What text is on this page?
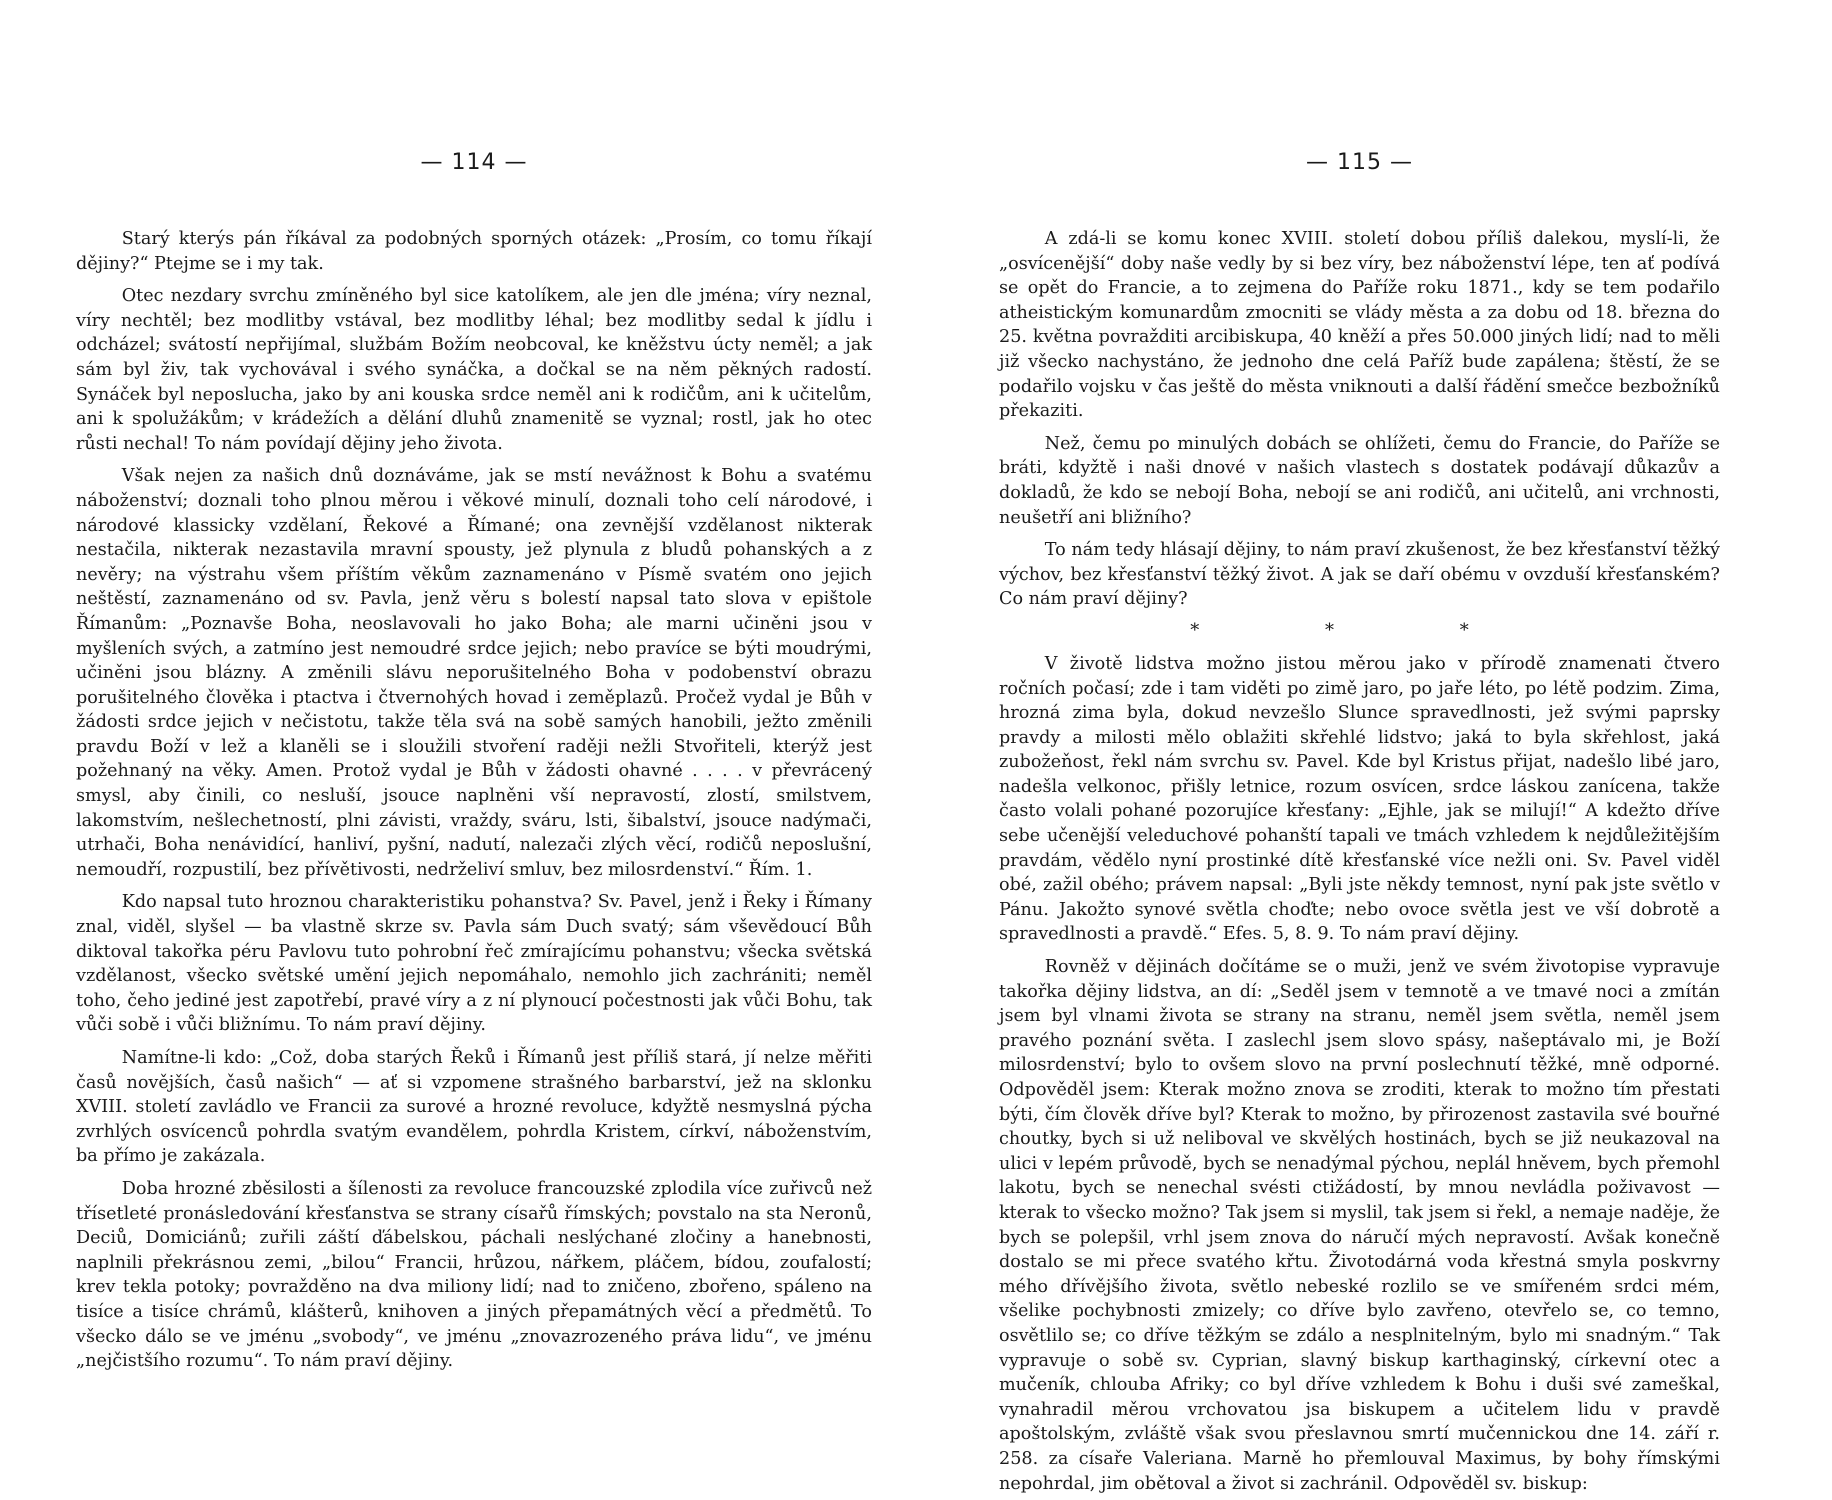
— 114 —

Starý kterýs pán říkával za podobných sporných otázek: „Prosím, co tomu říkají dějiny?“ Ptejme se i my tak.

Otec nezdary svrchu zmíněného byl sice katolíkem, ale jen dle jména; víry neznal, víry nechtěl; bez modlitby vstával, bez modlitby léhal; bez modlitby sedal k jídlu i odcházel; svátostí nepřijímal, službám Božím neobcoval, ke kněžstvu úcty neměl; a jak sám byl živ, tak vychovával i svého synáčka, a dočkal se na něm pěkných radostí. Synáček byl neposlucha, jako by ani kouska srdce neměl ani k rodičům, ani k učitelům, ani k spolužákům; v krádežích a dělání dluhů znamenitě se vyznal; rostl, jak ho otec růsti nechal! To nám povídají dějiny jeho života.

Však nejen za našich dnů doznáváme, jak se mstí nevážnost k Bohu a svatému náboženství; doznali toho plnou měrou i věkové minulí, doznali toho celí národové, i národové klassicky vzdělaní, Řekové a Římané; ona zevnější vzdělanost nikterak nestačila, nikterak nezastavila mravní spousty, jež plynula z bludů pohanských a z nevěry; na výstrahu všem příštím věkům zaznamenáno v Písmě svatém ono jejich neštěstí, zaznamenáno od sv. Pavla, jenž věru s bolestí napsal tato slova v epištole Římanům: „Poznavše Boha, neoslavovali ho jako Boha; ale marni učiněni jsou v myšleních svých, a zatmíno jest nemoudré srdce jejich; nebo pravíce se býti moudrými, učiněni jsou blázny. A změnili slávu neporušitelného Boha v podobenství obrazu porušitelného člověka i ptactva i čtvernohých hovad i zeměplazů. Pročež vydal je Bůh v žádosti srdce jejich v nečistotu, takže těla svá na sobě samých hanobili, ježto změnili pravdu Boží v lež a klaněli se i sloužili stvoření raději nežli Stvořiteli, kterýž jest požehnaný na věky. Amen. Protož vydal je Bůh v žádosti ohavné . . . . v převrácený smysl, aby činili, co nesluší, jsouce naplněni vší nepravostí, zlostí, smilstvem, lakomstvím, nešlechetností, plni závisti, vraždy, sváru, lsti, šibalství, jsouce nadýmači, utrhači, Boha nenávidící, hanliví, pyšní, nadutí, nalezači zlých věcí, rodičů neposlušní, nemoudří, rozpustilí, bez přívětivosti, nedrželiví smluv, bez milosrdenství.“ Řím. 1.

Kdo napsal tuto hroznou charakteristiku pohanstva? Sv. Pavel, jenž i Řeky i Římany znal, viděl, slyšel — ba vlastně skrze sv. Pavla sám Duch svatý; sám vševědoucí Bůh diktoval takořka péru Pavlovu tuto pohrobní řeč zmírajícímu pohanstvu; všecka světská vzdělanost, všecko světské umění jejich nepomáhalo, nemohlo jich zachrániti; neměl toho, čeho jediné jest zapotřebí, pravé víry a z ní plynoucí počestnosti jak vůči Bohu, tak vůči sobě i vůči bližnímu. To nám praví dějiny.

Namítne-li kdo: „Což, doba starých Řeků i Římanů jest příliš stará, jí nelze měřiti časů novějších, časů našich“ — ať si vzpomene strašného barbarství, jež na sklonku XVIII. století zavládlo ve Francii za surové a hrozné revoluce, kdyžtě nesmyslná pýcha zvrhlých osvícenců pohrdla svatým evandělem, pohrdla Kristem, církví, náboženstvím, ba přímo je zakázala.

Doba hrozné zběsilosti a šílenosti za revoluce francouzské zplodila více zuřivců než třísetleté pronásledování křesťanstva se strany císařů římských; povstalo na sta Neronů, Deciů, Domiciánů; zuřili záští ďábelskou, páchali neslýchané zločiny a hanebnosti, naplnili překrásnou zemi, „bilou“ Francii, hrůzou, nářkem, pláčem, bídou, zoufalostí; krev tekla potoky; povražděno na dva miliony lidí; nad to zničeno, zbořeno, spáleno na tisíce a tisíce chrámů, klášterů, knihoven a jiných přepamátných věcí a předmětů. To všecko dálo se ve jménu „svobody“, ve jménu „znovazrozeného práva lidu“, ve jménu „nejčistšího rozumu“. To nám praví dějiny.

— 115 —

A zdá-li se komu konec XVIII. století dobou příliš dalekou, myslí-li, že „osvícenější“ doby naše vedly by si bez víry, bez náboženství lépe, ten ať podívá se opět do Francie, a to zejmena do Paříže roku 1871., kdy se tem podařilo atheistickým komunardům zmocniti se vlády města a za dobu od 18. března do 25. května povražditi arcibiskupa, 40 kněží a přes 50.000 jiných lidí; nad to měli již všecko nachystáno, že jednoho dne celá Paříž bude zapálena; štěstí, že se podařilo vojsku v čas ještě do města vniknouti a další řádění smečce bezbožníků překaziti.

Než, čemu po minulých dobách se ohlížeti, čemu do Francie, do Paříže se bráti, kdyžtě i naši dnové v našich vlastech s dostatek podávají důkazův a dokladů, že kdo se nebojí Boha, nebojí se ani rodičů, ani učitelů, ani vrchnosti, neušetří ani bližního?

To nám tedy hlásají dějiny, to nám praví zkušenost, že bez křesťanství těžký výchov, bez křesťanství těžký život. A jak se daří obému v ovzduší křesťanském? Co nám praví dějiny?

* * *

V životě lidstva možno jistou měrou jako v přírodě znamenati čtvero ročních počasí; zde i tam viděti po zimě jaro, po jaře léto, po létě podzim. Zima, hrozná zima byla, dokud nevzešlo Slunce spravedlnosti, jež svými paprsky pravdy a milosti mělo oblažiti skřehlé lidstvo; jaká to byla skřehlost, jaká zubožeňost, řekl nám svrchu sv. Pavel. Kde byl Kristus přijat, nadešlo libé jaro, nadešla velkonoc, přišly letnice, rozum osvícen, srdce láskou zanícena, takže často volali pohané pozorujíce křesťany: „Ejhle, jak se milují!“ A kdežto dříve sebe učenější veleduchové pohanští tapali ve tmách vzhledem k nejdůležitějším pravdám, vědělo nyní prostinké dítě křesťanské více nežli oni. Sv. Pavel viděl obé, zažil obého; právem napsal: „Byli jste někdy temnost, nyní pak jste světlo v Pánu. Jakožto synové světla choďte; nebo ovoce světla jest ve vší dobrotě a spravedlnosti a pravdě.“ Efes. 5, 8. 9. To nám praví dějiny.

Rovněž v dějinách dočítáme se o muži, jenž ve svém životopise vypravuje takořka dějiny lidstva, an dí: „Seděl jsem v temnotě a ve tmavé noci a zmítán jsem byl vlnami života se strany na stranu, neměl jsem světla, neměl jsem pravého poznání světa. I zaslechl jsem slovo spásy, našeptávalo mi, je Boží milosrdenství; bylo to ovšem slovo na první poslechnutí těžké, mně odporné. Odpověděl jsem: Kterak možno znova se zroditi, kterak to možno tím přestati býti, čím člověk dříve byl? Kterak to možno, by přirozenost zastavila své bouřné choutky, bych si už neliboval ve skvělých hostinách, bych se již neukazoval na ulici v lepém průvodě, bych se nenadýmal pýchou, neplál hněvem, bych přemohl lakotu, bych se nenechal svésti ctižádostí, by mnou nevládla poživavost — kterak to všecko možno? Tak jsem si myslil, tak jsem si řekl, a nemaje naděje, že bych se polepšil, vrhl jsem znova do náručí mých nepravostí. Avšak konečně dostalo se mi přece svatého křtu. Životodárná voda křestná smyla poskvrny mého dřívějšího života, světlo nebeské rozlilo se ve smířeném srdci mém, všelike pochybnosti zmizely; co dříve bylo zavřeno, otevřelo se, co temno, osvětlilo se; co dříve těžkým se zdálo a nesplnitelným, bylo mi snadným.“ Tak vypravuje o sobě sv. Cyprian, slavný biskup karthaginský, církevní otec a mučeník, chlouba Afriky; co byl dříve vzhledem k Bohu i duši své zameškal, vynahradil měrou vrchovatou jsa biskupem a učitelem lidu v pravdě apoštolským, zvláště však svou přeslavnou smrtí mučennickou dne 14. září r. 258. za císaře Valeriana. Marně ho přemlouval Maximus, by bohy římskými nepohrdal, jim obětoval a život si zachránil. Odpověděl sv. biskup:
